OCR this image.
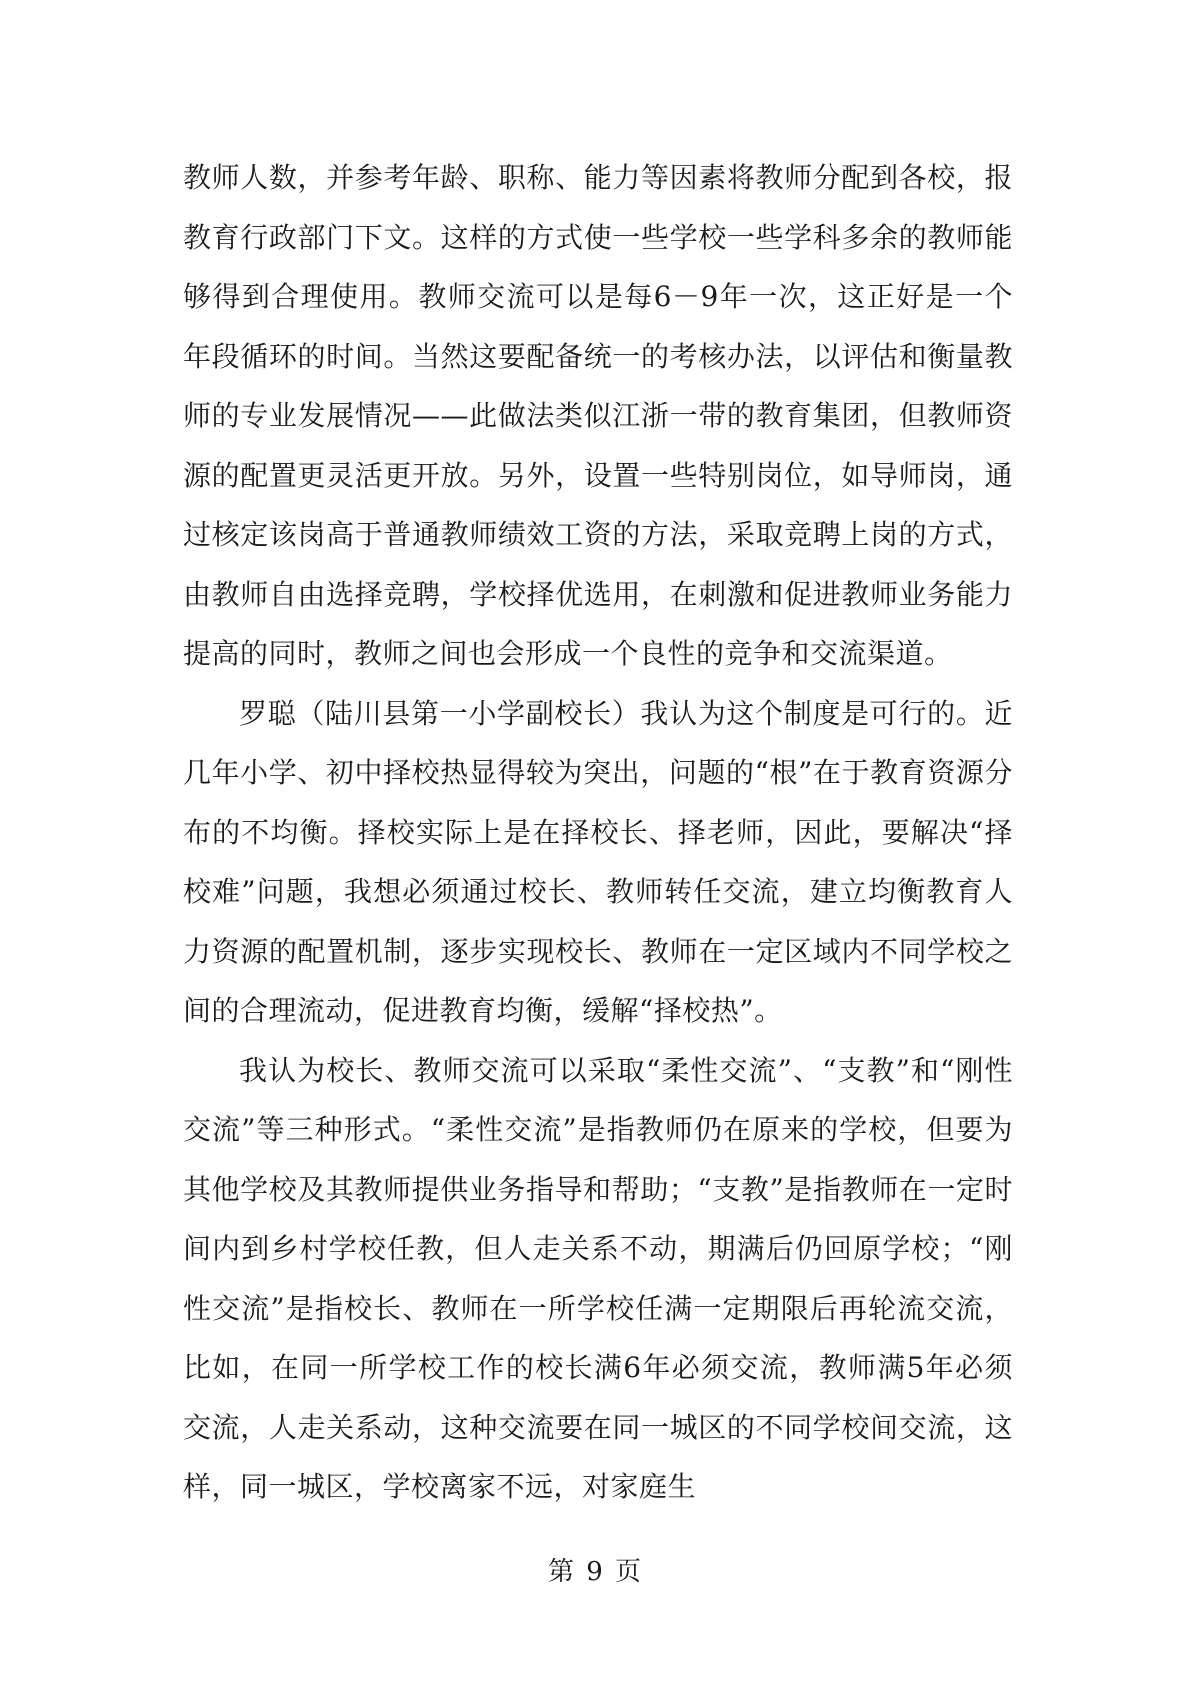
教师人数，并参考年龄、职称、能力等因素将教师分配到各校，报教育行政部门下文。这样的方式使一些学校一些学科多余的教师能够得到合理使用。教师交流可以是每6－9年一次，这正好是一个年段循环的时间。当然这要配备统一的考核办法，以评估和衡量教师的专业发展情况——此做法类似江浙一带的教育集团，但教师资源的配置更灵活更开放。另外，设置一些特别岗位，如导师岗，通过核定该岗高于普通教师绩效工资的方法，采取竞聘上岗的方式，由教师自由选择竞聘，学校择优选用，在刺激和促进教师业务能力提高的同时，教师之间也会形成一个良性的竞争和交流渠道。

罗聪（陆川县第一小学副校长）我认为这个制度是可行的。近几年小学、初中择校热显得较为突出，问题的“根”在于教育资源分布的不均衡。择校实际上是在择校长、择老师，因此，要解决“择校难”问题，我想必须通过校长、教师转任交流，建立均衡教育人力资源的配置机制，逐步实现校长、教师在一定区域内不同学校之间的合理流动，促进教育均衡，缓解“择校热”。

我认为校长、教师交流可以采取“柔性交流”、“支教”和“刚性交流”等三种形式。“柔性交流”是指教师仍在原来的学校，但要为其他学校及其教师提供业务指导和帮助；“支教”是指教师在一定时间内到乡村学校任教，但人走关系不动，期满后仍回原学校；“刚性交流”是指校长、教师在一所学校任满一定期限后再轮流交流，比如，在同一所学校工作的校长满6年必须交流，教师满5年必须交流，人走关系动，这种交流要在同一城区的不同学校间交流，这样，同一城区，学校离家不远，对家庭生

第 9 页
